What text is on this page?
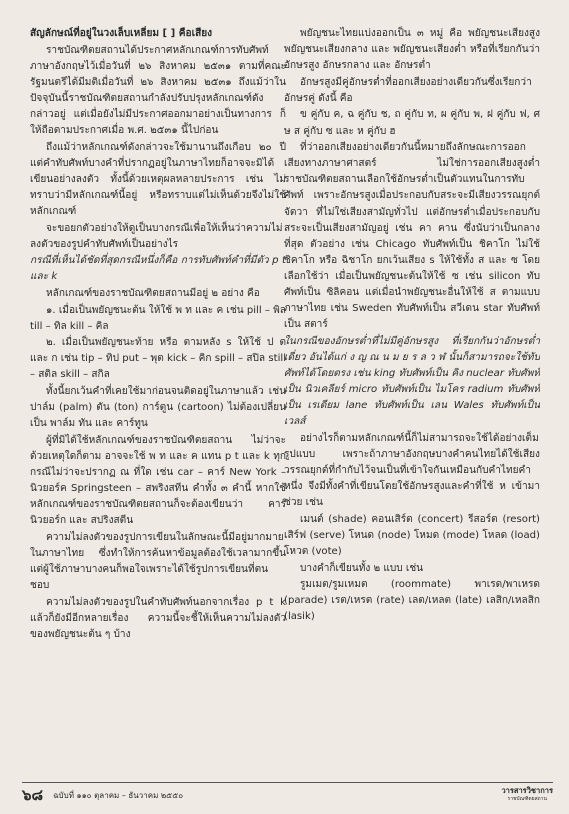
สัญลักษณ์ที่อยู่ในวงเล็บเหลี่ยม [ ] คือเสียง

ราชบัณฑิตยสถานได้ประกาศหลักเกณฑ์การทับศัพท์ภาษาอังกฤษไว้เมื่อวันที่ ๒๖ สิงหาคม ๒๕๓๑ ตามที่คณะรัฐมนตรีได้มีมติเมื่อวันที่ ๒๖ สิงหาคม ๒๕๓๑ ถึงแม้ว่าในปัจจุบันนี้ราชบัณฑิตยสถานกำลังปรับปรุงหลักเกณฑ์ดังกล่าวอยู่ แต่เมื่อยังไม่มีประกาศออกมาอย่างเป็นทางการ ก็ให้ถือตามประกาศเมื่อ พ.ศ. ๒๕๓๑ นี้ไปก่อน

ถึงแม้ว่าหลักเกณฑ์ดังกล่าวจะใช้มานานถึงเกือบ ๒๐ ปี แต่คำทับศัพท์บางคำที่ปรากฏอยู่ในภาษาไทยก็อาจจะมิได้เขียนอย่างลงตัว ทั้งนี้ด้วยเหตุผลหลายประการ เช่น ไม่ทราบว่ามีหลักเกณฑ์นี้อยู่ หรือทราบแต่ไม่เห็นด้วยจึงไม่ใช้หลักเกณฑ์

จะขอยกตัวอย่างให้ดูเป็นบางกรณีเพื่อให้เห็นว่าความไม่ลงตัวของรูปคำทับศัพท์เป็นอย่างไร

กรณีที่เห็นได้ชัดที่สุดกรณีหนึ่งก็คือ การทับศัพท์คำที่มีตัว p t และ k

หลักเกณฑ์ของราชบัณฑิตยสถานมีอยู่ ๒ อย่าง คือ

๑. เมื่อเป็นพยัญชนะต้น ให้ใช้ พ ท และ ค เช่น pill – พิล till – ทิล kill – คิล

๒. เมื่อเป็นพยัญชนะท้าย หรือ ตามหลัง s ให้ใช้ ป ต และ ก เช่น tip – ทิป put – พุต kick – คิก spill – สปิล still – สติล skill – สกิล

ทั้งนี้ยกเว้นคำที่เคยใช้มาก่อนจนติดอยู่ในภาษาแล้ว เช่น ปาล์ม (palm) ตัน (ton) การ์ตูน (cartoon) ไม่ต้องเปลี่ยนเป็น พาล์ม ทัน และ คาร์ทูน

ผู้ที่มิได้ใช้หลักเกณฑ์ของราชบัณฑิตยสถาน ไม่ว่าจะด้วยเหตุใดก็ตาม อาจจะใช้ พ ท และ ค แทน p t และ k ทุกกรณีไม่ว่าจะปรากฏ ณ ที่ใด เช่น car – คาร์ New York – นิวยอร์ค Springsteen – สพริงสทีน คำทั้ง ๓ คำนี้ หากใช้หลักเกณฑ์ของราชบัณฑิตยสถานก็จะต้องเขียนว่า คาร์ นิวยอร์ก และ สปริงสตีน

ความไม่ลงตัวของรูปการเขียนในลักษณะนี้มีอยู่มากมายในภาษาไทย ซึ่งทำให้การค้นหาข้อมูลต้องใช้เวลามากขึ้น แต่ผู้ใช้ภาษาบางคนก็พอใจเพราะได้ใช้รูปการเขียนที่ตนชอบ

ความไม่ลงตัวของรูปในคำทับศัพท์นอกจากเรื่อง p t k แล้วก็ยังมีอีกหลายเรื่อง ความนี้จะชี้ให้เห็นความไม่ลงตัวของพยัญชนะต้น ๆ บ้าง

พยัญชนะไทยแบ่งออกเป็น ๓ หมู่ คือ พยัญชนะเสียงสูง พยัญชนะเสียงกลาง และ พยัญชนะเสียงต่ำ หรือที่เรียกกันว่า อักษรสูง อักษรกลาง และ อักษรต่ำ

อักษรสูงมีคู่อักษรต่ำที่ออกเสียงอย่างเดียวกันซึ่งเรียกว่าอักษรคู่ ดังนี้ คือ

ข คู่กับ ค, ฉ คู่กับ ช, ถ คู่กับ ท, ผ คู่กับ พ, ฝ คู่กับ ฟ, ศ ษ ส คู่กับ ซ และ ห คู่กับ ฮ

ที่ว่าออกเสียงอย่างเดียวกันนี้หมายถึงลักษณะการออกเสียงทางภาษาศาสตร์ ไม่ใช่การออกเสียงสูงต่ำ ราชบัณฑิตยสถานเลือกใช้อักษรต่ำเป็นตัวแทนในการทับศัพท์ เพราะอักษรสูงเมื่อประกอบกับสระจะมีเสียงวรรณยุกต์จัตวา ที่ไม่ใช่เสียงสามัญทั่วไป แต่อักษรต่ำเมื่อประกอบกับสระจะเป็นเสียงสามัญอยู่ เช่น คา คาน ซึ่งนับว่าเป็นกลางที่สุด ตัวอย่าง เช่น Chicago ทับศัพท์เป็น ชิคาโก ไม่ใช้ ชิคาโก หรือ ฉิชาโก ยกเว้นเสียง s ให้ใช้ทั้ง ส และ ซ โดยเลือกใช้ว่า เมื่อเป็นพยัญชนะต้นให้ใช้ ซ เช่น silicon ทับศัพท์เป็น ซิลิคอน แต่เมื่อนำพยัญชนะอื่นให้ใช้ ส ตามแบบภาษาไทย เช่น Sweden ทับศัพท์เป็น สวีเดน star ทับศัพท์เป็น สตาร์

ในกรณีของอักษรต่ำที่ไม่มีคู่อักษรสูง ที่เรียกกันว่าอักษรต่ำเดี่ยว อันได้แก่ ง ญ ณ น ม ย ร ล ว ฬ นั้นก็สามารถจะใช้ทับศัพท์ได้โดยตรง เช่น king ทับศัพท์เป็น คิง nuclear ทับศัพท์เป็น นิวเคลียร์ micro ทับศัพท์เป็น ไมโคร radium ทับศัพท์เป็น เรเดียม lane ทับศัพท์เป็น เลน Wales ทับศัพท์เป็น เวลส์

อย่างไรก็ตามหลักเกณฑ์นี้ก็ไม่สามารถจะใช้ได้อย่างเต็มรูปแบบ เพราะถ้าภาษาอังกฤษบางคำคนไทยได้ใช้เสียงวรรณยุกต์ที่กำกับไว้จนเป็นที่เข้าใจกันเหมือนกับคำไทยคำหนึ่ง จึงมีทั้งคำที่เขียนโดยใช้อักษรสูงและคำที่ใช้ ห เข้ามาช่วย เช่น

เมนต์ (shade) คอนเสิร์ต (concert) รีสอร์ต (resort) เสิร์ฟ (serve) โหนด (node) โหมด (mode) โหลด (load) โหวต (vote)

บางคำก็เขียนทั้ง ๒ แบบ เช่น

รูมเมต/รูมเหมต (roommate) พาเรด/พาเหรด (parade) เรต/เหรต (rate) เลต/เหลต (late) เลสิก/เหลสิก (lasik)

๖๘ ฉบับที่ ๑๑๐ ตุลาคม – ธันวาคม ๒๕๕๐	วารสารวิชาการ
ราชบัณฑิตยสถาน
